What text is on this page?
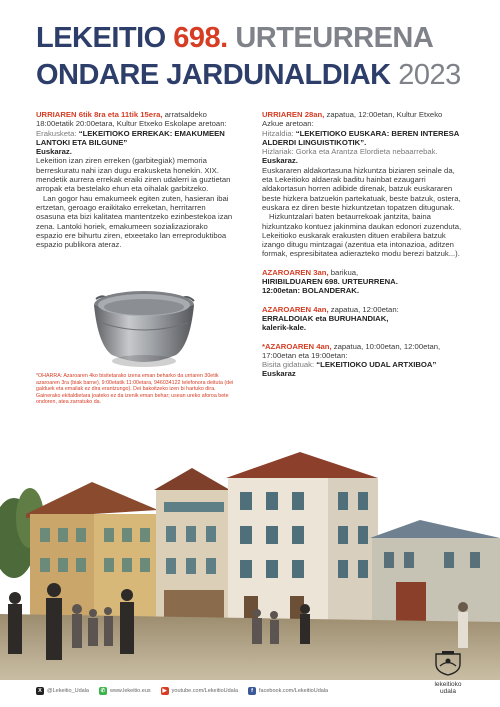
LEKEITIO 698. URTEURRENA
ONDARE JARDUNALDIAK 2023
URRIAREN 6tik 8ra eta 11tik 15era, arratsaldeko 18:00etatik 20:00etara, Kultur Etxeko Eskolape aretoan:
Erakusketa: “LEKEITIOKO ERREKAK: EMAKUMEEN LANTOKI ETA BILGUNE”
Euskaraz.
Lekeition izan ziren erreken (garbitegiak) memoria berreskuratu nahi izan dugu erakusketa honekin. XIX. mendetik aurrera errekak eraiki ziren udalerri ia guztietan arropak eta bestelako ehun eta oihalak garbitzeko.
Lan gogor hau emakumeek egiten zuten, hasieran ibai ertzetan, geroago eraikitako erreketan, herritarren osasuna eta bizi kalitatea mantentzeko ezinbestekoa izan zena. Lantoki horiek, emakumeen sozializaziorako espazio ere bihurtu ziren, etxeetako lan erreproduktiboa espazio publikora ateraz.
*OHARRA: Azaroaren 4ko bisitetarako izena eman beharko da urriaren 30etik azaroaren 3ra (biak barne), 9:00etatik 11:00etara, 946034122 telefonora deituta (dei galduek eta emailak ez dira erantzungo). Dei bakoitzeko izen bi hartuko dira.
Gainerako ekitaldietara joateko ez da izenik eman behar; usean ureko aforoa bete ondoren, atea zarratuko da.
URRIAREN 28an, zapatua, 12:00etan, Kultur Etxeko Azkue aretoan:
Hitzaldia: “LEKEITIOKO EUSKARA: BEREN INTERESA ALDERDI LINGUISTIKOTIK”.
Hizlariak: Gorka eta Arantza Elordieta nebaarrebak. Euskaraz.
Euskararen aldakortasuna hizkuntza biziaren seinale da, eta Lekeitioko aldaerak baditu hainbat ezaugarri aldakortasun horren adibide direnak, batzuk euskararen beste hizkera batzuekin partekatuak, beste batzuk, ostera, euskara ez diren beste hizkuntzetan topatzen ditugunak.
Hizkuntzalari baten betaurrekoak jantzita, baina hizkuntzako kontuez jakinmina daukan edonori zuzenduta, Lekeitioko euskarak erakusten dituen erabilera batzuk izango ditugu mintzagai (azentua eta intonazioa, aditzen formak, espresibitatea adierazteko modu berezi batzuk...).
AZAROAREN 3an, barikua,
HIRIBILDUAREN 698. URTEURRENA.
12:00etan: BOLANDERAK.
AZAROAREN 4an, zapatua, 12:00etan:
ERRALDOIAK eta BURUHANDIAK,
kalerik-kale.
*AZAROAREN 4an, zapatua, 10:00etan, 12:00etan, 17:00etan eta 19:00etan:
Bisita gidatuak: “LEKEITIOKO UDAL ARTXIBOA”
Euskaraz
X @Lekeitio_Udala	✆ www.lekeitio.eus	▶ youtube.com/LekeitioUdala	f	facebook.com/LekeitioUdala
lekeitioko
udala
